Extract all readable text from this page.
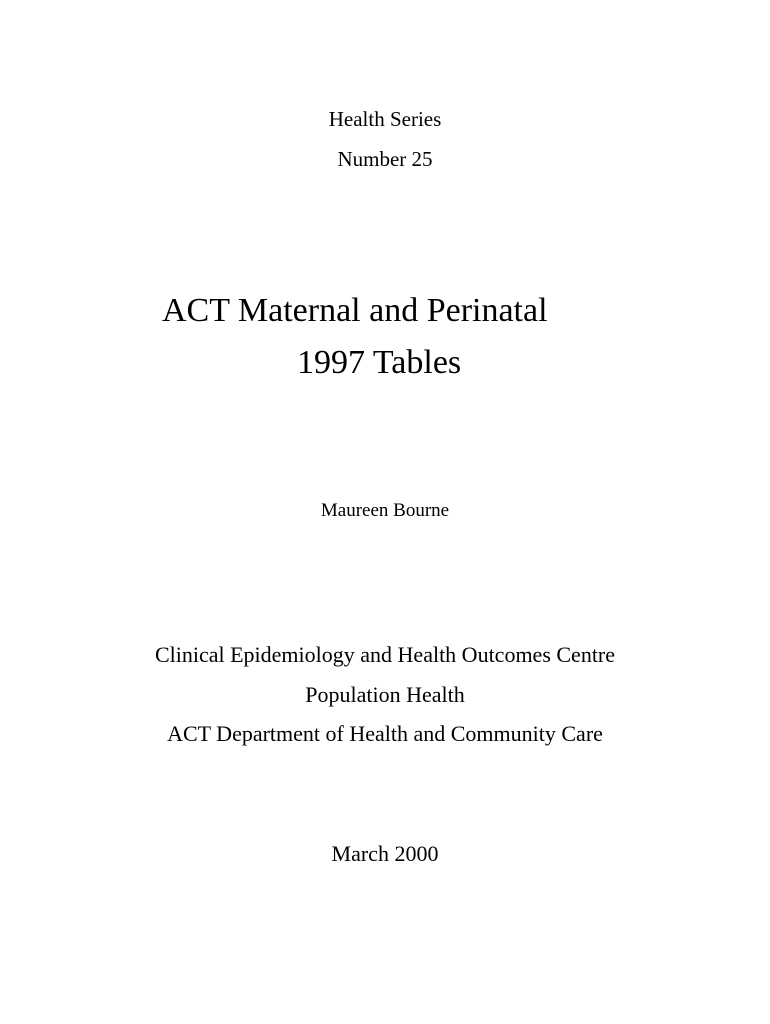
Health Series
Number 25
ACT Maternal and Perinatal
1997 Tables
Maureen Bourne
Clinical Epidemiology and Health Outcomes Centre
Population Health
ACT Department of Health and Community Care
March 2000
